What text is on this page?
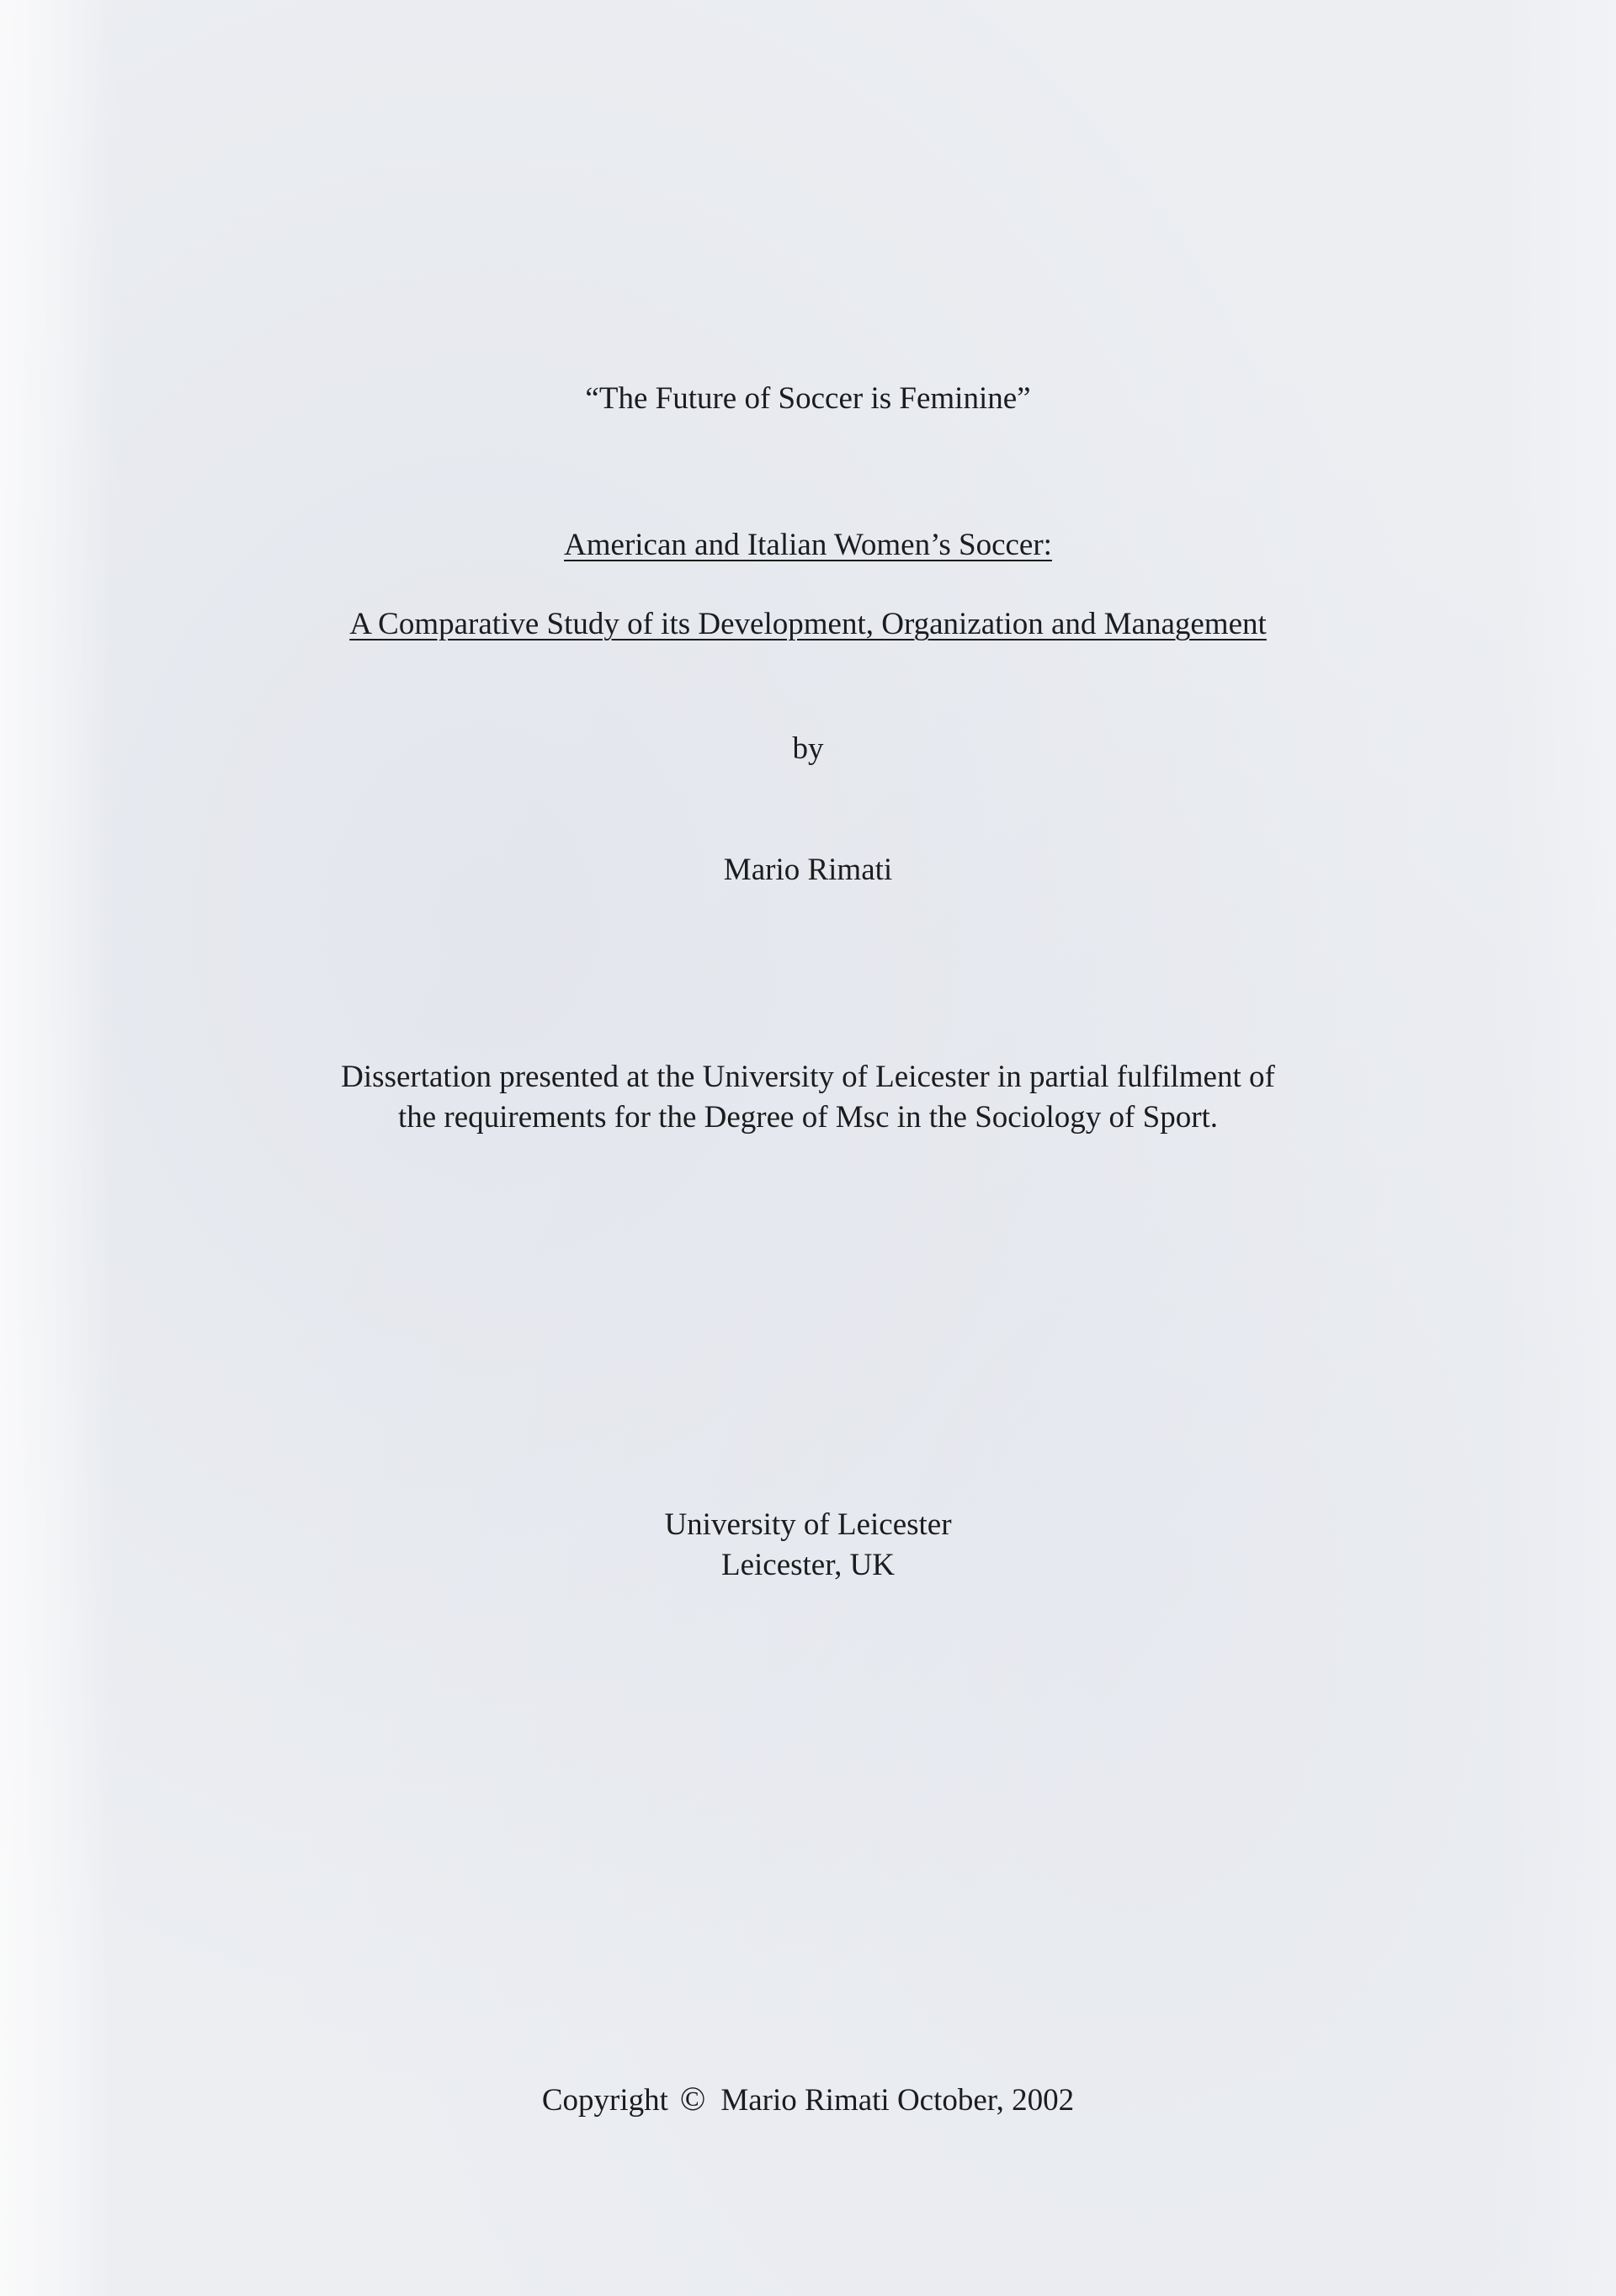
“The Future of Soccer is Feminine”
American and Italian Women’s Soccer:
A Comparative Study of its Development, Organization and Management
by
Mario Rimati
Dissertation presented at the University of Leicester in partial fulfilment of
the requirements for the Degree of Msc in the Sociology of Sport.
University of Leicester
Leicester, UK
Copyright © Mario Rimati October, 2002
